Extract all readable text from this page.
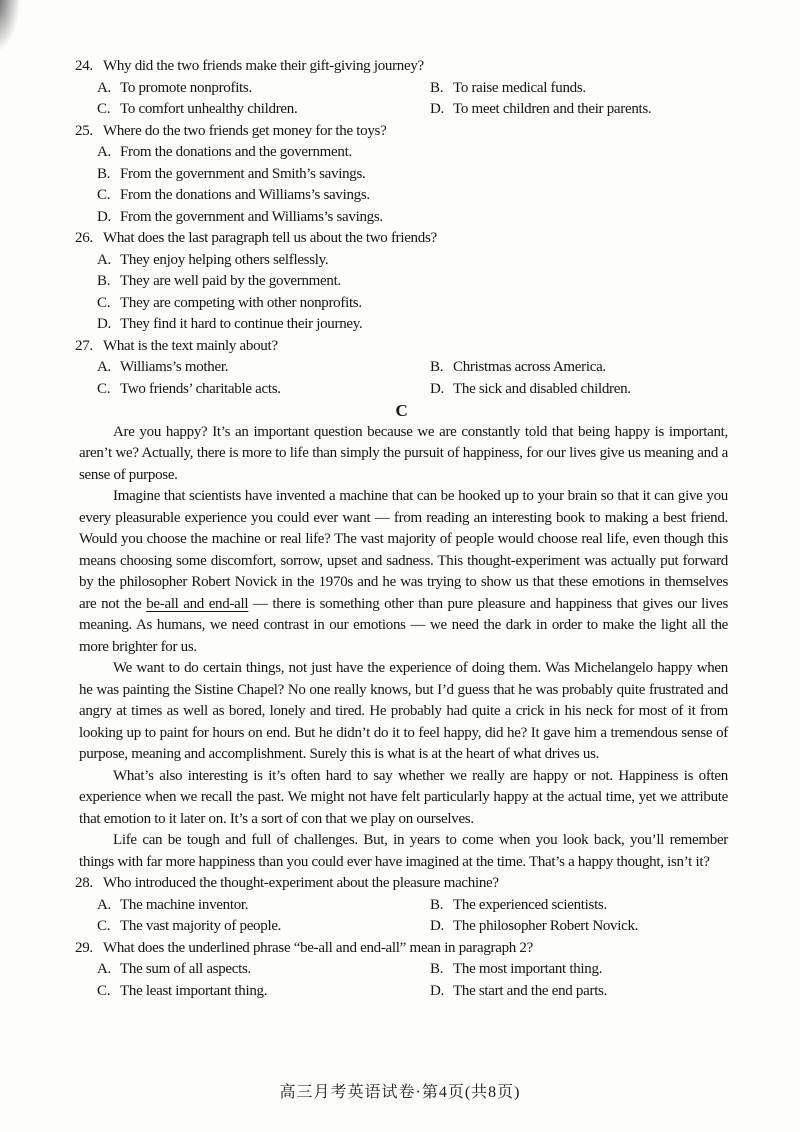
24. Why did the two friends make their gift-giving journey?
A. To promote nonprofits.	B. To raise medical funds.
C. To comfort unhealthy children.	D. To meet children and their parents.
25. Where do the two friends get money for the toys?
A. From the donations and the government.
B. From the government and Smith’s savings.
C. From the donations and Williams’s savings.
D. From the government and Williams’s savings.
26. What does the last paragraph tell us about the two friends?
A. They enjoy helping others selflessly.
B. They are well paid by the government.
C. They are competing with other nonprofits.
D. They find it hard to continue their journey.
27. What is the text mainly about?
A. Williams’s mother.	B. Christmas across America.
C. Two friends’ charitable acts.	D. The sick and disabled children.
C

Are you happy? It’s an important question because we are constantly told that being happy is important, aren’t we? Actually, there is more to life than simply the pursuit of happiness, for our lives give us meaning and a sense of purpose.

Imagine that scientists have invented a machine that can be hooked up to your brain so that it can give you every pleasurable experience you could ever want — from reading an interesting book to making a best friend. Would you choose the machine or real life? The vast majority of people would choose real life, even though this means choosing some discomfort, sorrow, upset and sadness. This thought-experiment was actually put forward by the philosopher Robert Novick in the 1970s and he was trying to show us that these emotions in themselves are not the be-all and end-all — there is something other than pure pleasure and happiness that gives our lives meaning. As humans, we need contrast in our emotions — we need the dark in order to make the light all the more brighter for us.

We want to do certain things, not just have the experience of doing them. Was Michelangelo happy when he was painting the Sistine Chapel? No one really knows, but I’d guess that he was probably quite frustrated and angry at times as well as bored, lonely and tired. He probably had quite a crick in his neck for most of it from looking up to paint for hours on end. But he didn’t do it to feel happy, did he? It gave him a tremendous sense of purpose, meaning and accomplishment. Surely this is what is at the heart of what drives us.

What’s also interesting is it’s often hard to say whether we really are happy or not. Happiness is often experience when we recall the past. We might not have felt particularly happy at the actual time, yet we attribute that emotion to it later on. It’s a sort of con that we play on ourselves.

Life can be tough and full of challenges. But, in years to come when you look back, you’ll remember things with far more happiness than you could ever have imagined at the time. That’s a happy thought, isn’t it?

28. Who introduced the thought-experiment about the pleasure machine?
A. The machine inventor.	B. The experienced scientists.
C. The vast majority of people.	D. The philosopher Robert Novick.
29. What does the underlined phrase “be-all and end-all” mean in paragraph 2?
A. The sum of all aspects.	B. The most important thing.
C. The least important thing.	D. The start and the end parts.
高三月考英语试卷·第4页(共8页)
